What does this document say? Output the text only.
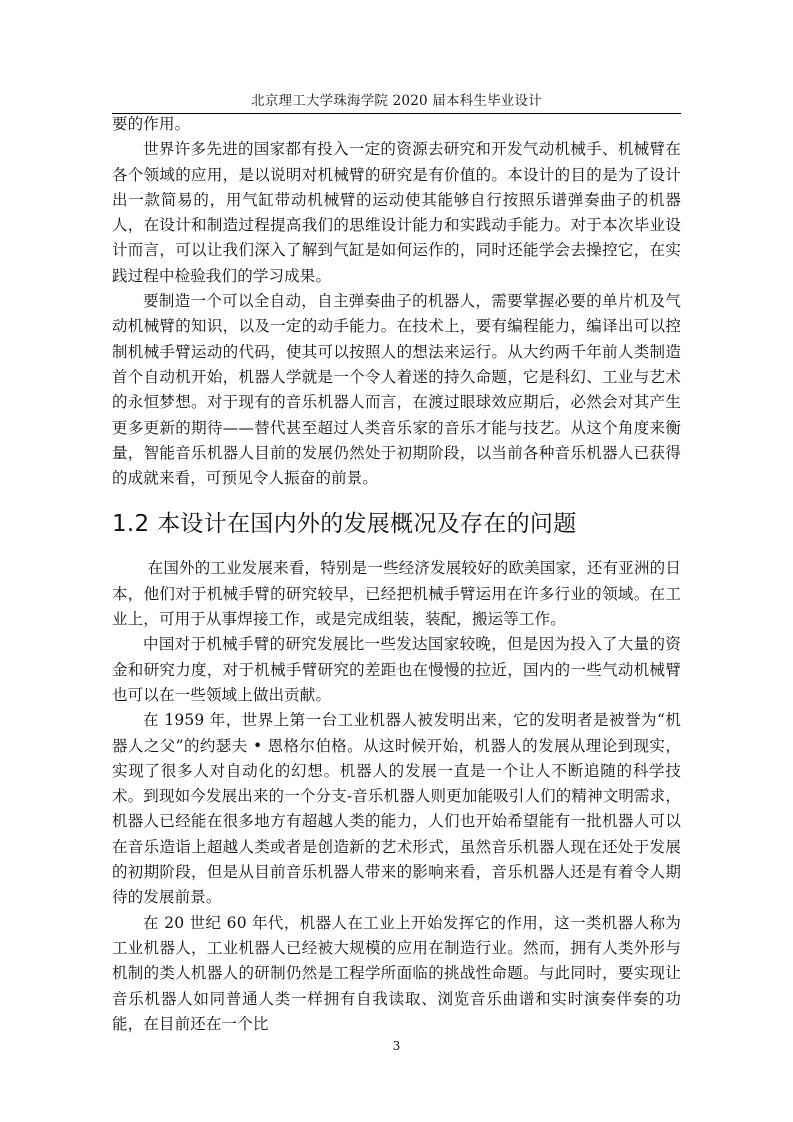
北京理工大学珠海学院 2020 届本科生毕业设计

要的作用。

世界许多先进的国家都有投入一定的资源去研究和开发气动机械手、机械臂在各个领域的应用，是以说明对机械臂的研究是有价值的。本设计的目的是为了设计出一款简易的，用气缸带动机械臂的运动使其能够自行按照乐谱弹奏曲子的机器人，在设计和制造过程提高我们的思维设计能力和实践动手能力。对于本次毕业设计而言，可以让我们深入了解到气缸是如何运作的，同时还能学会去操控它，在实践过程中检验我们的学习成果。

要制造一个可以全自动，自主弹奏曲子的机器人，需要掌握必要的单片机及气动机械臂的知识，以及一定的动手能力。在技术上，要有编程能力，编译出可以控制机械手臂运动的代码，使其可以按照人的想法来运行。从大约两千年前人类制造首个自动机开始，机器人学就是一个令人着迷的持久命题，它是科幻、工业与艺术的永恒梦想。对于现有的音乐机器人而言，在渡过眼球效应期后，必然会对其产生更多更新的期待——替代甚至超过人类音乐家的音乐才能与技艺。从这个角度来衡量，智能音乐机器人目前的发展仍然处于初期阶段，以当前各种音乐机器人已获得的成就来看，可预见令人振奋的前景。

1.2 本设计在国内外的发展概况及存在的问题

在国外的工业发展来看，特别是一些经济发展较好的欧美国家，还有亚洲的日本，他们对于机械手臂的研究较早，已经把机械手臂运用在许多行业的领域。在工业上，可用于从事焊接工作，或是完成组装，装配，搬运等工作。

中国对于机械手臂的研究发展比一些发达国家较晚，但是因为投入了大量的资金和研究力度，对于机械手臂研究的差距也在慢慢的拉近，国内的一些气动机械臂也可以在一些领域上做出贡献。

在 1959 年，世界上第一台工业机器人被发明出来，它的发明者是被誉为“机器人之父”的约瑟夫 • 恩格尔伯格。从这时候开始，机器人的发展从理论到现实，实现了很多人对自动化的幻想。机器人的发展一直是一个让人不断追随的科学技术。到现如今发展出来的一个分支-音乐机器人则更加能吸引人们的精神文明需求，机器人已经能在很多地方有超越人类的能力，人们也开始希望能有一批机器人可以在音乐造诣上超越人类或者是创造新的艺术形式，虽然音乐机器人现在还处于发展的初期阶段，但是从目前音乐机器人带来的影响来看，音乐机器人还是有着令人期待的发展前景。

在 20 世纪 60 年代，机器人在工业上开始发挥它的作用，这一类机器人称为工业机器人，工业机器人已经被大规模的应用在制造行业。然而，拥有人类外形与机制的类人机器人的研制仍然是工程学所面临的挑战性命题。与此同时，要实现让音乐机器人如同普通人类一样拥有自我读取、浏览音乐曲谱和实时演奏伴奏的功能，在目前还在一个比

3
